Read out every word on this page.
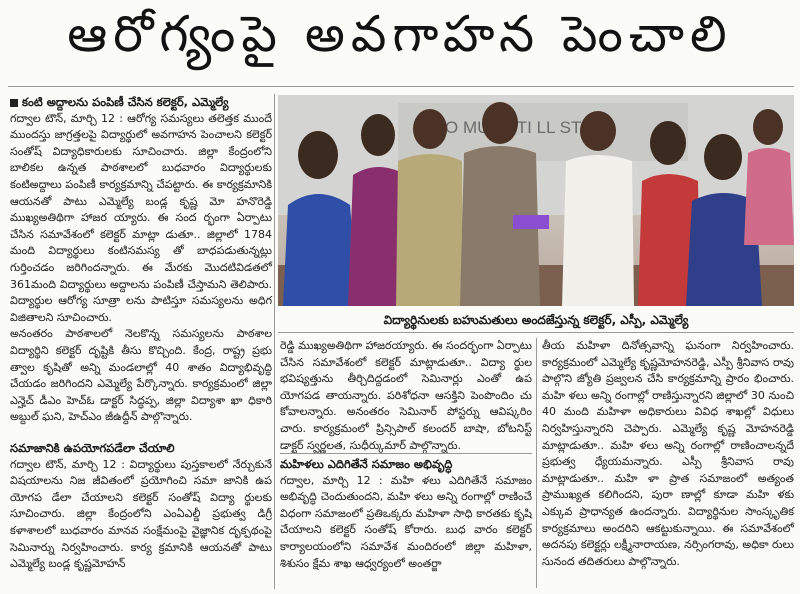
ఆరోగ్యంపై అవగాహన పెంచాలి

కంటి అద్దాలను పంపిణీ చేసిన కలెక్టర్, ఎమ్మెల్యే

గద్వాల టౌన్, మార్చి 12 : ఆరోగ్య సమస్యలు తలెత్తక ముందే ముందస్తు జాగ్రత్తలపై విద్యార్థులో అవగాహన పెంచాలని కలెక్టర్ సంతోష్ విద్యాధికారులకు సూచించారు. జిల్లా కేంద్రంలోని బాలికల ఉన్నత పాఠశాలలో బుధవారం విద్యార్థులకు కంటిఅద్దాలు పంపిణీ కార్యక్రమాన్ని చేపట్టారు. ఈ కార్యక్రమానికి ఆయనతో పాటు ఎమ్మెల్యే బండ్ల కృష్ణ మో హనొరెడ్డి ముఖ్యఅతిథిగా హాజర య్యారు. ఈ సంద ర్భంగా ఏర్పాటు చేసిన సమావేశంలో కలెక్టర్ మాట్లా డుతూ.. జిల్లాలో 1784 మంది విద్యార్థులు కంటిసమస్య తో బాధపడుతున్నట్లు గుర్తించడం జరిగిందన్నారు. ఈ మేరకు మొదటివిడతలో 361మంది విద్యార్థులు అద్దాలను పంపిణీ చేస్తామని తెలిపారు. విద్యార్థుల ఆరోగ్య సూత్రా లను పాటిస్తూ సమస్యలను అధిగ విజితాలని సూచించారు.

అనంతరం పాఠశాలలో నెలకొన్న సమస్యలను పాఠశాల విద్యార్థిని కలెక్టర్ దృష్టికి తీసు కొచ్చింది. కేంద్ర, రాష్ట్ర ప్రభు త్వాల కృషితో అన్ని మండలాల్లో 40 శాతం విద్యాభివృద్ధి చేయడం జరిగిందని ఎమ్మెల్యే పేర్కొన్నారు. కార్యక్రమంలో జిల్లా ఎన్హెచ్ డీఎం హెచ్ఓ డాక్టర్ సిద్ధప్ప, జిల్లా విద్యాశా ఖా ధికారి అబ్దుల్ ఘని, హెచ్ఎం జీఉద్దీన్ పాల్గొన్నారు.

LL STF
విద్యార్థినులకు బహుమతులు అందజేస్తున్న కలెక్టర్, ఎస్పీ, ఎమ్మెల్యే

సమాజానికి ఉపయోగపడేలా చేయాలి

గద్వాల టౌన్, మార్చి 12 : విద్యార్థులు పుస్తకాలలో నేర్చుకునే విషయాలను నిజ జీవితంలో ప్రయోగించి సమా జానికి ఉప యోగప డేలా చేయాలని కలెక్టర్ సంతోష్ విద్యా ర్థులకు సూచించారు. జిల్లా కేంద్రంలోని ఎంఏఎల్డీ ప్రభుత్వ డిగ్రీ కళాశాలలో బుధవారం మానవ సంక్షేమంపై వైజ్ఞానిక దృక్పథంపై సెమినార్ను నిర్వహించారు. కార్య క్రమానికి ఆయనతో పాటు ఎమ్మెల్యే బండ్ల కృష్ణమోహన్

రెడ్డి ముఖ్యఅతిథిగా హాజరయ్యారు. ఈ సందర్భంగా ఏర్పాటు చేసిన సమావేశంలో కలెక్టర్ మాట్లాడుతూ.. విద్యా ర్థుల భవిష్యత్తును తీర్చిదిద్దడంలో సెమినార్లు ఎంతో ఉప యోగపడ తాయన్నారు. పరిశోధనా ఆసక్తిని పెంపొందిం చు కోవాలన్నారు. అనంతరం సెమినార్ పోస్టర్ను ఆవిష్కరిం చారు. కార్యక్రమంలో ప్రిన్సిపాల్ కలందర్ బాషా, బోటనిస్ట్ డాక్టర్ స్వర్ణలత, సుధీర్కుమార్ పాల్గొన్నారు.

మహిళలు ఎదిగితేనే సమాజం అభివృద్ధి

గద్వాల, మార్చి 12 : మహి ళలు ఎదిగితేనే సమాజం అభివృద్ధి చెందుతుందని, మహి ళలు అన్ని రంగాల్లో రాణించే విధంగా సమాజంలో ప్రతిఒక్కరు మహిళా సాధి కారతకు కృషి చేయాలని కలెక్టర్ సంతోష్ కోరారు. బుధ వారం కలెక్టర్ కార్యాలయంలోని సమావేశ మందిరంలో జిల్లా మహిళా, శిశుసం క్షేమ శాఖ ఆధ్వర్యంలో అంతర్జా

తీయ మహిళా దినోత్సవాన్ని ఘనంగా నిర్వహించారు. కార్యక్రమంలో ఎమ్మెల్యే కృష్ణమోహనరెడ్డి, ఎస్పీ శ్రీనివాస రావు పాల్గొని జ్యోతి ప్రజ్వలన చేసి కార్యక్రమాన్ని ప్రారం భించారు. మహి ళలు అన్ని రంగాల్లో రాణిస్తున్నారని జిల్లాలో 30 నుంచి 40 మంది మహిళా అధికారులు వివిధ శాఖల్లో విధులు నిర్వహిస్తున్నారని చెప్పారు. ఎమ్మెల్యే కృష్ణ మోహనరెడ్డి మాట్లాడుతూ.. మహి ళలు అన్ని రంగాల్లో రాణించాలన్నదే ప్రభుత్వ ధ్యేయమన్నారు. ఎస్పీ శ్రీనివాస రావు మాట్లాడుతూ.. మహి ళా ప్రాత సమాజంలో అత్యంత ప్రాముఖ్యత కలిగిందని, పురా ణాల్లో కూడా మహి ళకు ఎక్కువ ప్రాధాన్యత ఉందన్నారు. విద్యార్థినుల సాంస్కృతిక కార్యక్రమాలు అందరిని ఆకట్టుకున్నాయి. ఈ సమావేశంలో అదనపు కలెక్టర్లు లక్ష్మీనారాయణ, నర్సింగరావు, అధికా రులు సునంద తదితరులు పాల్గొన్నారు.
